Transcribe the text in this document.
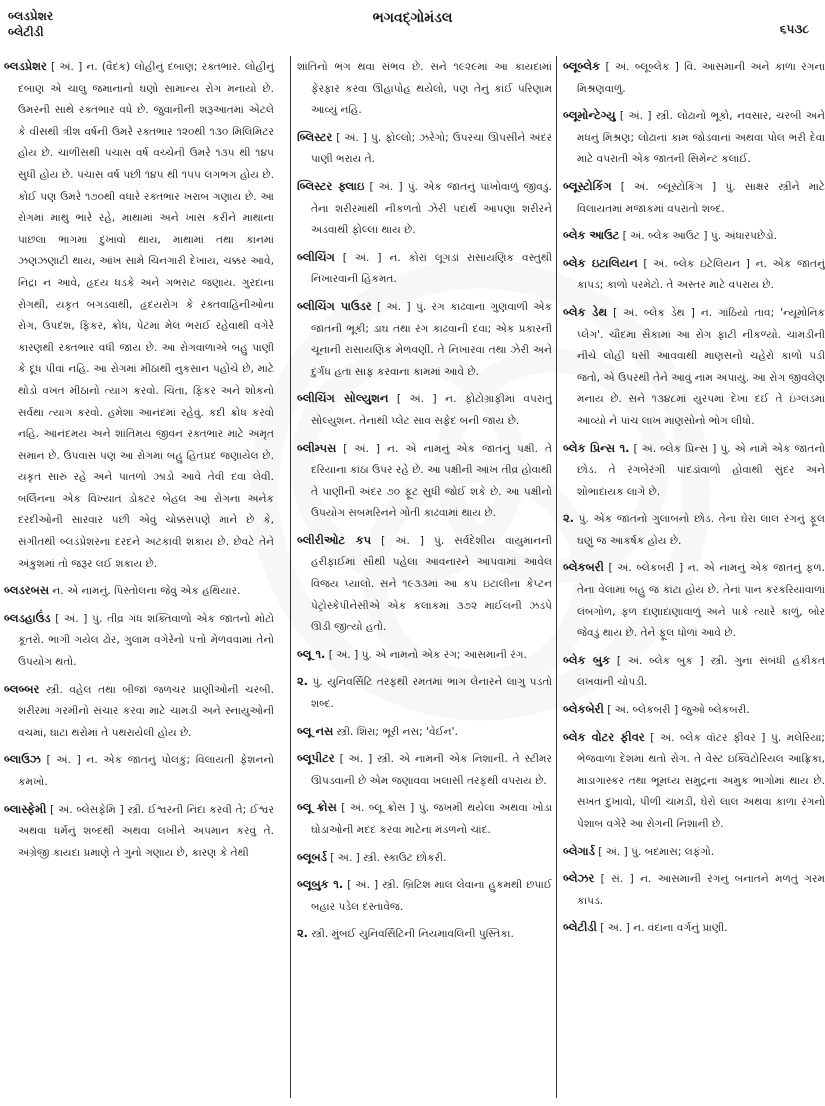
બ્લડપ્રેશર
બ્લેટીડી
ભગવદ્ગોમંડલ
૬૫૩૮

બ્લડપ્રેશર [ અં. ] ન. (વૈદક) લોહીનું દબાણ; રક્તભાર. લોહીનું દબાણ એ ચાલુ જમાનાનો ઘણો સામાન્ય રોગ મનાયો છે. ઉમરની સાથે રક્તભાર વધે છે. જુવાનીની શરૂઆતમાં એટલે કે વીસથી ત્રીશ વર્ષની ઉમરે રક્તભાર ૧૨૦થી ૧૩૦ મિલિમિટર હોય છે. ચાળીસથી પચાસ વર્ષ વચ્ચેની ઉમરે ૧૩૫ થી ૧૪૫ સુધી હોય છે. પચાસ વર્ષ પછી ૧૪૫ થી ૧૫૫ લગભગ હોય છે. કોઈ પણ ઉમરે ૧૭૦થી વધારે રક્તભાર ખરાબ ગણાય છે. આ રોગમાં માથું ભારે રહે, માથામાં અને ખાસ કરીને માથાના પાછલા ભાગમાં દુખાવો થાય, માથામાં તથા કાનમાં ઝણઝણાટી થાય, આંખ સામે ચિનગારી દેખાય, ચક્કર આવે, નિદ્રા ન આવે, હૃદય ધડકે અને ગભરાટ જણાય. ગુરદાના રોગથી, યકૃત બગડવાથી, હૃદયરોગ કે રક્તવાહિનીઓના રોગ, ઉપદંશ, ફિકર, ક્રોધ, પેટમાં મેલ ભરાઈ રહેવાથી વગેરે કારણથી રક્તભાર વધી જાય છે. આ રોગવાળાએ બહુ પાણી કે દૂધ પીવાં નહિ. આ રોગમાં મીઠાથી નુકસાન પહોંચે છે, માટે થોડો વખત મીઠાનો ત્યાગ કરવો. ચિંતા, ફિકર અને શોકનો સર્વથા ત્યાગ કરવો. હમેશા આનંદમાં રહેવું. કદી ક્રોધ કરવો નહિ. આનંદમય અને શાંતિમય જીવન રક્તભાર માટે અમૃત સમાન છે. ઉપવાસ પણ આ રોગમાં બહુ હિતપ્રદ જણાયેલ છે. યકૃત સારું રહે અને પાતળો ઝાડો આવે તેવી દવા લેવી. બર્લિનના એક વિખ્યાત ડોક્ટર બેહલ આ રોગના અનેક દરદીઓની સારવાર પછી એવું ચોક્કસપણે માને છે કે, સંગીતથી બ્લડપ્રેશરના દરદને અટકાવી શકાય છે. છેવટે તેને અંકુશમાં તો જરૂર લઈ શકાય છે.

બ્લડરબસ ન. એ નામનું. પિસ્તોલના જેવું એક હથિયાર.

બ્લડહાઉંડ [ અં. ] પું. તીવ્ર ગંધ શક્તિવાળો એક જાતનો મોટો કૂતરો. ભાગી ગયેલ ઢોર, ગુલામ વગેરેનો પત્તો મેળવવામાં તેનો ઉપયોગ થતો.

બ્લબ્બર સ્ત્રી. વહેલ તથા બીજાં જળચર પ્રાણીઓની ચરબી. શરીરમાં ગરમીનો સંચાર કરવા માટે ચામડી અને સ્નાયુઓની વચમાં, ઘાટા થરોમાં તે પથરાયેલી હોય છે.

બ્લાઉઝ [ અં. ] ન. એક જાતનું પોલકું; વિલાયતી ફેશનનો કમખો.

બ્લાસ્ફેમી [ અં. બ્લેસફેમિ ] સ્ત્રી. ઈશ્વરની નિંદા કરવી તે; ઈશ્વર અથવા ધર્મનું શબ્દથી અથવા લખીને અપમાન કરવું તે. અંગ્રેજી કાયદા પ્રમાણે તે ગુનો ગણાય છે, કારણ કે તેથી

શાંતિનો ભંગ થવા સંભવ છે. સને ૧૯૨૯માં આ કાયદામાં ફેરફાર કરવા ઊહાપોહ થયેલો, પણ તેનું કાંઈ પરિણામ આવ્યું નહિ.

બ્લિસ્ટર [ અં. ] પું. ફોલ્લો; ઝરેગો; ઉપરચા ઊપસીને અંદર પાણી ભરાય તે.

બ્લિસ્ટર ફ્લાઇ [ અં. ] પું. એક જાતનું પાંખોવાળું જીવડું. તેના શરીરમાંથી નીકળતો ઝેરી પદાર્થ આપણા શરીરને અડવાથી ફોલ્લા થાય છે.

બ્લીચિંગ [ અં. ] ન. કોરાં લૂગડાં રાસાયણિક વસ્તુથી નિખારવાની હિકમત.

બ્લીચિંગ પાઉડર [ અં. ] પું. રંગ કાઢવાના ગુણવાળી એક જાતની ભૂકી; ડાઘ તથા રંગ કાઢવાની દવા; એક પ્રકારની ચૂનાની રાસાયણિક મેળવણી. તે નિખારવા તથા ઝેરી અને દુર્ગંધ હતા સાફ કરવાના કામમાં આવે છે.

બ્લીચિંગ સોલ્યુશન [ અં. ] ન. ફોટોગ્રાફીમાં વપરાતું સોલ્યુશન. તેનાથી પ્લેટ સાવ સફેદ બની જાય છે.

બ્લીમ્પસ [ અં. ] ન. એ નામનું એક જાતનું પક્ષી. તે દરિયાના કાંઠા ઉપર રહે છે. આ પક્ષીની આંખ તીવ્ર હોવાથી તે પાણીની અંદર ૭૦ ફૂટ સુધી જોઈ શકે છે. આ પક્ષીનો ઉપયોગ સબમરિનને ગોતી કાઢવામાં થાય છે.

બ્લીરીઓટ કપ [ અં. ] પું. સર્વદેશીય વાયુમાનની હરીફાઈમાં સૌથી પહેલા આવનારને આપવામાં આવેલ વિજય પ્યાલો. સને ૧૯૩૩માં આ કપ ઇટાલીના કેપ્ટન પેટ્રોસ્કેપીનેસીએ એક કલાકમાં ૩૭૨ માઈલની ઝડપે ઊડી જીત્યો હતો.

બ્લૂ ૧. [ અં. ] પું. એ નામનો એક રંગ; આસમાની રંગ.

૨. પું. યુનિવર્સિટિ તરફથી રમતમાં ભાગ લેનારને લાગુ પડતો શબ્દ.

બ્લૂ નસ સ્ત્રી. શિરા; ભૂરી નસ; 'વેઈન'.

બ્લૂપીટર [ અં. ] સ્ત્રી. એ નામની એક નિશાની. તે સ્ટીમર ઊપડવાની છે એમ જણાવવા ખલાસી તરફથી વપરાય છે.

બ્લૂ ક્રોસ [ અં. બ્લૂ ક્રોસ ] પું. જખમી થયેલા અથવા ખોડા ઘોડાઓની મદદ કરવા માટેના મંડળનો ચાંદ.

બ્લૂબર્ડ [ અં. ] સ્ત્રી. સ્કાઉટ છોકરી.

બ્લૂબુક ૧. [ અં. ] સ્ત્રી. બ્રિટિશ માલ લેવાના હુકમથી છપાઈ બહાર પડેલ દસ્તાવેજ.

૨. સ્ત્રી. મુંબઈ યુનિવર્સિટિની નિયમાવલિની પુસ્તિકા.

બ્લૂબ્લેક [ અં. બ્લૂબ્લેક ] વિ. આસમાની અને કાળા રંગના મિશ્રણવાળું.

બ્લૂમોન્ટેગ્યુ [ અં. ] સ્ત્રી. લોઢાનો ભૂકો, નવસાર, ચરબી અને મધનું મિશ્રણ; લોઢાનાં કામ જોડવાનાં અથવા પોલ ભરી દેવા માટે વપરાતી એક જાતની સિમેન્ટ કલાઈ.

બ્લૂસ્ટોકિંગ [ અં. બ્લૂસ્ટોકિંગ ] પું. સાક્ષર સ્ત્રીને માટે વિલાયતમાં મજાકમાં વપરાતો શબ્દ.

બ્લેક આઉટ [ અં. બ્લેક આઉટ ] પું. અંધારપછેડો.

બ્લેક ઇટાલિયન [ અં. બ્લેક ઇટેલિયન ] ન. એક જાતનું કાપડ; કાળો પરમેટો. તે અસ્તર માટે વપરાય છે.

બ્લેક ડેથ [ અં. બ્લેક ડેથ ] ન. ગાંઠિયો તાવ; 'ન્યૂમોનિક પ્લેગ'. ચૌદમા સૈકામાં આ રોગ ફાટી નીકળ્યો. ચામડીની નીચે લોહી ધસી આવવાથી માણસનો ચહેરો કાળો પડી જતો, એ ઉપરથી તેને આવું નામ અપાયું. આ રોગ જીવલેણ મનાય છે. સને ૧૩૪૮માં યુરપમાં દેખા દઈ તે ઇંગ્લંડમાં આવ્યો ને પાંચ લાખ માણસોનો ભોગ લીધો.

બ્લેક પ્રિન્સ ૧. [ અં. બ્લેક પ્રિન્સ ] પું. એ નામે એક જાતનો છોડ. તે રંગબેરંગી પાંદડાંવાળો હોવાથી સુંદર અને શોભાદાયક લાગે છે.

૨. પું. એક જાતનો ગુલાબનો છોડ. તેના ઘેરા લાલ રંગનું ફૂલ ઘણું જ આકર્ષક હોય છે.

બ્લેકબરી [ અં. બ્લેકબરી ] ન. એ નામનું એક જાતનું ફળ. તેના વેલામાં બહુ જ કાંટા હોય છે. તેનાં પાન કરકરિયાંવાળાં લંબગોળ, ફળ દાણાદાણાવાળું અને પાકે ત્યારે કાળું, બોર જેવડું થાય છે. તેને ફૂલ ધોળાં આવે છે.

બ્લેક બુક [ અં. બ્લેક બુક ] સ્ત્રી. ગુના સંબંધી હકીકત લખવાની ચોપડી.

બ્લેકબેરી [ અં. બ્લેકબરી ] જુઓ બ્લેકબરી.

બ્લેક વોટર ફીવર [ અં. બ્લેક વૉટર ફીવર ] પું. મલેરિયા; ભેજવાળા દેશમાં થતો રોગ. તે વેસ્ટ ઇક્વિટોરિયલ આફ્રિકા, માડાગાસ્કર તથા ભૂમધ્ય સમુદ્રના અમુક ભાગોમાં થાય છે. સખત દુખાવો, પીળી ચામડી, ઘેરો લાલ અથવા કાળા રંગનો પેશાબ વગેરે આ રોગની નિશાની છે.

બ્લેગાર્ડ [ અં. ] પું. બદમાસ; લફંગો.

બ્લેઝર [ સં. ] ન. આસમાની રંગનું બનાતને મળતું ગરમ કાપડ.

બ્લેટીડી [ અં. ] ન. વંદાના વર્ગનું પ્રાણી.
